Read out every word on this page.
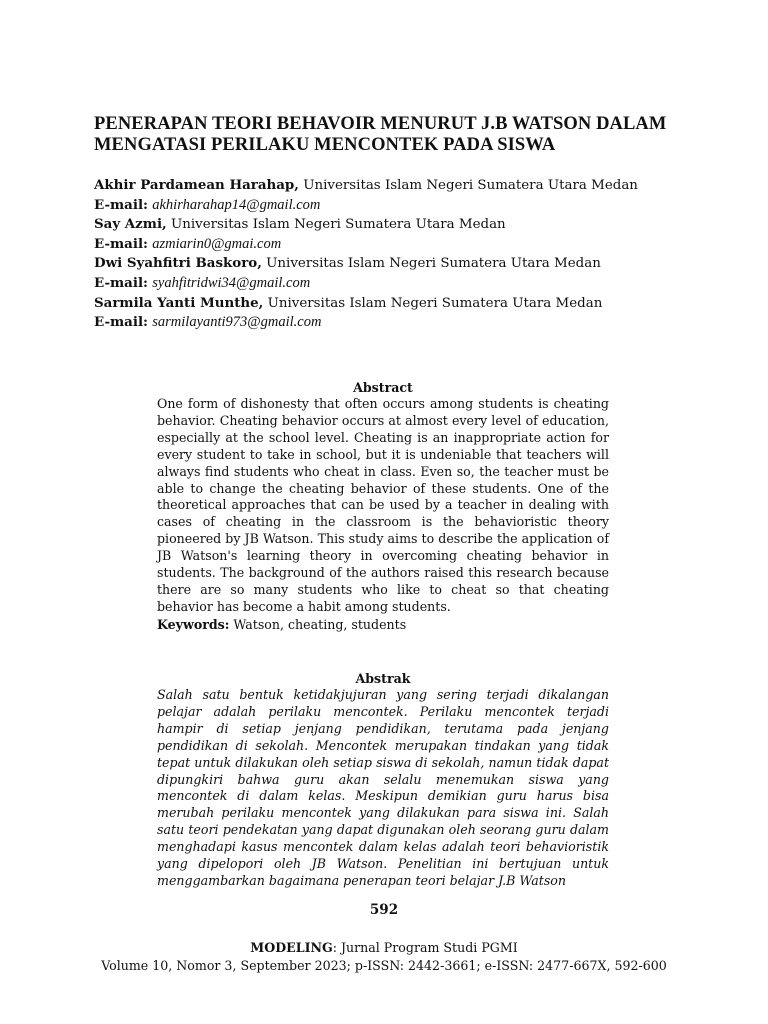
PENERAPAN TEORI BEHAVOIR MENURUT J.B WATSON DALAM MENGATASI PERILAKU MENCONTEK PADA SISWA
Akhir Pardamean Harahap, Universitas Islam Negeri Sumatera Utara Medan
E-mail: akhirharahap14@gmail.com
Say Azmi, Universitas Islam Negeri Sumatera Utara Medan
E-mail: azmiarin0@gmai.com
Dwi Syahfitri Baskoro, Universitas Islam Negeri Sumatera Utara Medan
E-mail: syahfitridwi34@gmail.com
Sarmila Yanti Munthe, Universitas Islam Negeri Sumatera Utara Medan
E-mail: sarmilayanti973@gmail.com
Abstract
One form of dishonesty that often occurs among students is cheating behavior. Cheating behavior occurs at almost every level of education, especially at the school level. Cheating is an inappropriate action for every student to take in school, but it is undeniable that teachers will always find students who cheat in class. Even so, the teacher must be able to change the cheating behavior of these students. One of the theoretical approaches that can be used by a teacher in dealing with cases of cheating in the classroom is the behavioristic theory pioneered by JB Watson. This study aims to describe the application of JB Watson's learning theory in overcoming cheating behavior in students. The background of the authors raised this research because there are so many students who like to cheat so that cheating behavior has become a habit among students.
Keywords: Watson, cheating, students
Abstrak
Salah satu bentuk ketidakjujuran yang sering terjadi dikalangan pelajar adalah perilaku mencontek. Perilaku mencontek terjadi hampir di setiap jenjang pendidikan, terutama pada jenjang pendidikan di sekolah. Mencontek merupakan tindakan yang tidak tepat untuk dilakukan oleh setiap siswa di sekolah, namun tidak dapat dipungkiri bahwa guru akan selalu menemukan siswa yang mencontek di dalam kelas. Meskipun demikian guru harus bisa merubah perilaku mencontek yang dilakukan para siswa ini. Salah satu teori pendekatan yang dapat digunakan oleh seorang guru dalam menghadapi kasus mencontek dalam kelas adalah teori behavioristik yang dipelopori oleh JB Watson. Penelitian ini bertujuan untuk menggambarkan bagaimana penerapan teori belajar J.B Watson
592
MODELING: Jurnal Program Studi PGMI
Volume 10, Nomor 3, September 2023; p-ISSN: 2442-3661; e-ISSN: 2477-667X, 592-600
